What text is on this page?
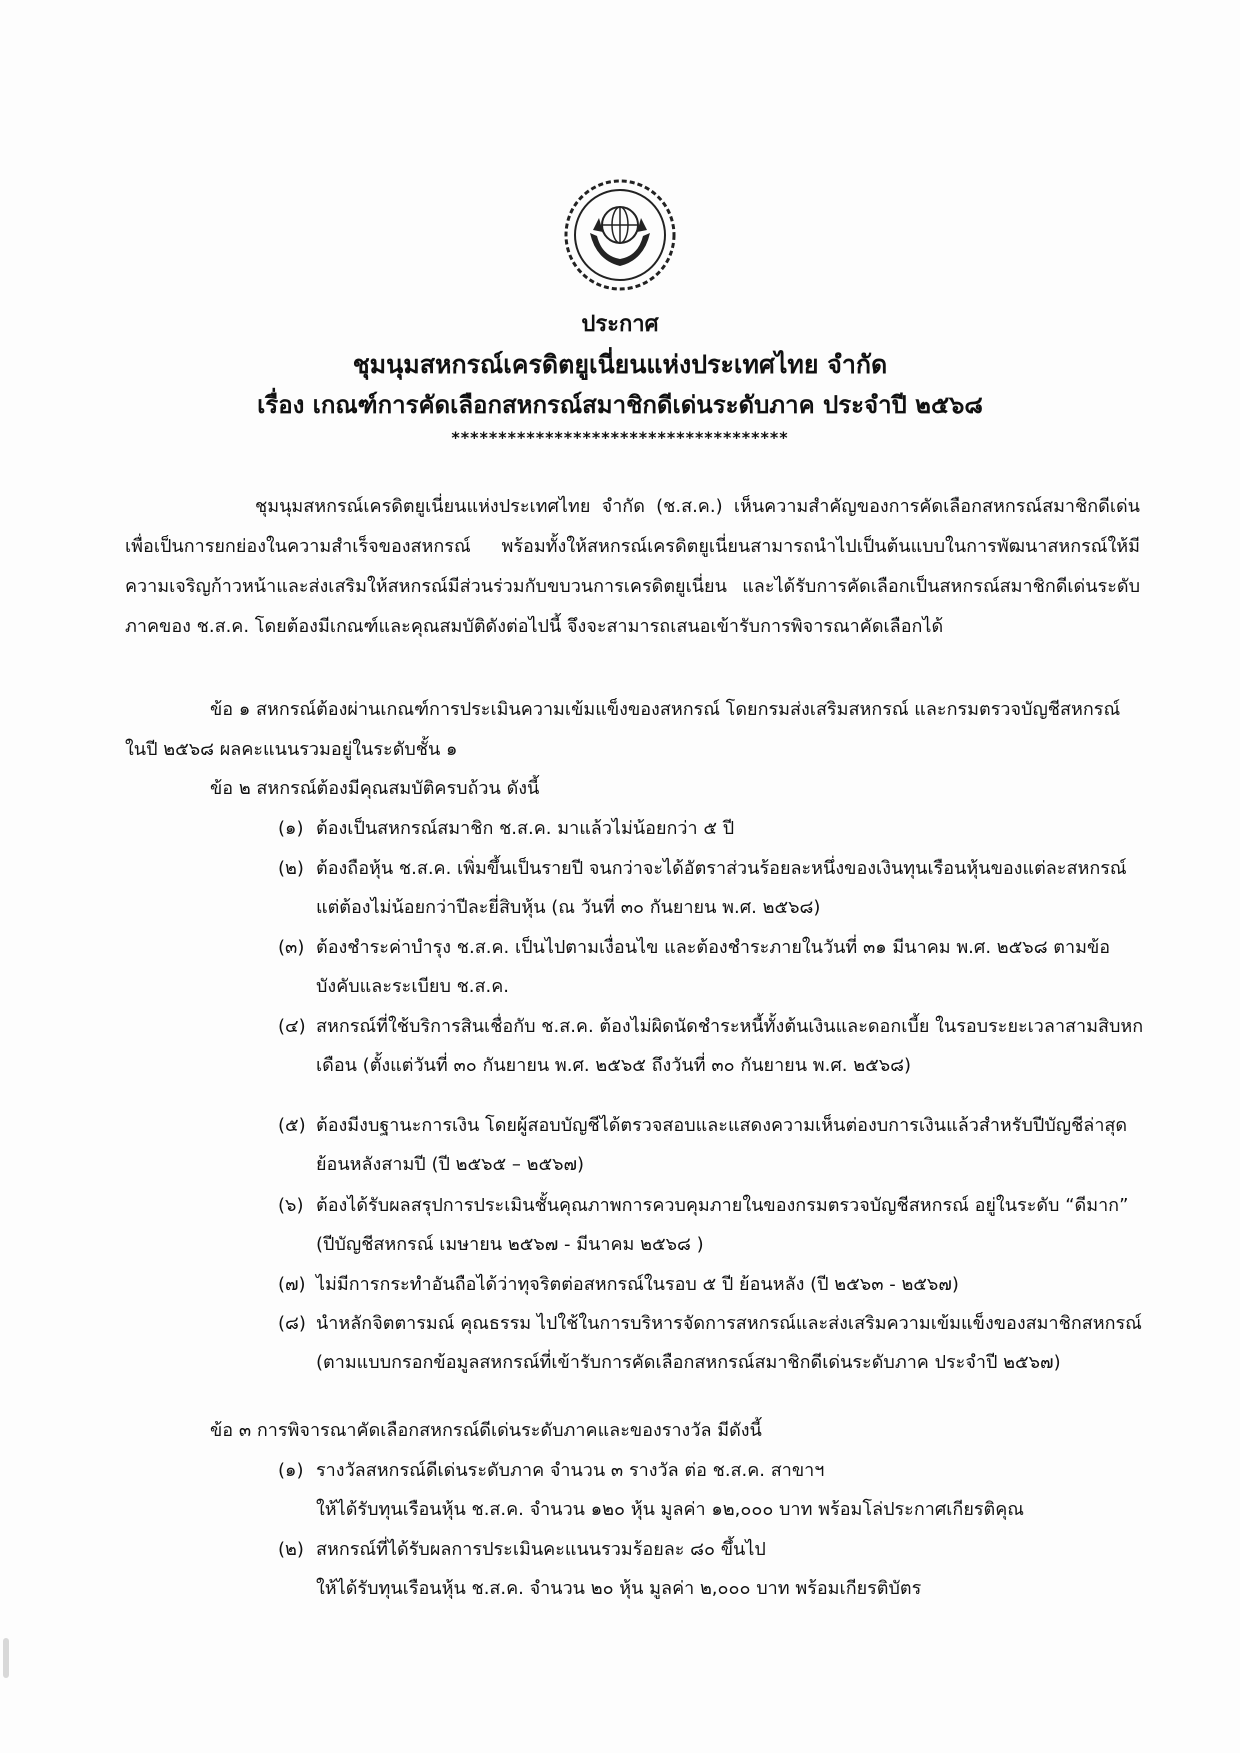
ประกาศ
ชุมนุมสหกรณ์เครดิตยูเนี่ยนแห่งประเทศไทย จำกัด
เรื่อง เกณฑ์การคัดเลือกสหกรณ์สมาชิกดีเด่นระดับภาค ประจำปี ๒๕๖๘
************************************
ชุมนุมสหกรณ์เครดิตยูเนี่ยนแห่งประเทศไทย จำกัด (ช.ส.ค.) เห็นความสำคัญของการคัดเลือกสหกรณ์สมาชิกดีเด่น เพื่อเป็นการยกย่องในความสำเร็จของสหกรณ์ พร้อมทั้งให้สหกรณ์เครดิตยูเนี่ยนสามารถนำไปเป็นต้นแบบในการพัฒนาสหกรณ์ให้มีความเจริญก้าวหน้าและส่งเสริมให้สหกรณ์มีส่วนร่วมกับขบวนการเครดิตยูเนี่ยน และได้รับการคัดเลือกเป็นสหกรณ์สมาชิกดีเด่นระดับภาคของ ช.ส.ค. โดยต้องมีเกณฑ์และคุณสมบัติดังต่อไปนี้ จึงจะสามารถเสนอเข้ารับการพิจารณาคัดเลือกได้
ข้อ ๑ สหกรณ์ต้องผ่านเกณฑ์การประเมินความเข้มแข็งของสหกรณ์ โดยกรมส่งเสริมสหกรณ์ และกรมตรวจบัญชีสหกรณ์ ในปี ๒๕๖๘ ผลคะแนนรวมอยู่ในระดับชั้น ๑
ข้อ ๒ สหกรณ์ต้องมีคุณสมบัติครบถ้วน ดังนี้
(๑) ต้องเป็นสหกรณ์สมาชิก ช.ส.ค. มาแล้วไม่น้อยกว่า ๕ ปี
(๒) ต้องถือหุ้น ช.ส.ค. เพิ่มขึ้นเป็นรายปี จนกว่าจะได้อัตราส่วนร้อยละหนึ่งของเงินทุนเรือนหุ้นของแต่ละสหกรณ์ แต่ต้องไม่น้อยกว่าปีละยี่สิบหุ้น (ณ วันที่ ๓๐ กันยายน พ.ศ. ๒๕๖๘)
(๓) ต้องชำระค่าบำรุง ช.ส.ค. เป็นไปตามเงื่อนไข และต้องชำระภายในวันที่ ๓๑ มีนาคม พ.ศ. ๒๕๖๘ ตามข้อบังคับและระเบียบ ช.ส.ค.
(๔) สหกรณ์ที่ใช้บริการสินเชื่อกับ ช.ส.ค. ต้องไม่ผิดนัดชำระหนี้ทั้งต้นเงินและดอกเบี้ย ในรอบระยะเวลาสามสิบหกเดือน (ตั้งแต่วันที่ ๓๐ กันยายน พ.ศ. ๒๕๖๕ ถึงวันที่ ๓๐ กันยายน พ.ศ. ๒๕๖๘)
(๕) ต้องมีงบฐานะการเงิน โดยผู้สอบบัญชีได้ตรวจสอบและแสดงความเห็นต่องบการเงินแล้วสำหรับปีบัญชีล่าสุดย้อนหลังสามปี (ปี ๒๕๖๕ – ๒๕๖๗)
(๖) ต้องได้รับผลสรุปการประเมินชั้นคุณภาพการควบคุมภายในของกรมตรวจบัญชีสหกรณ์ อยู่ในระดับ “ดีมาก” (ปีบัญชีสหกรณ์ เมษายน ๒๕๖๗ - มีนาคม ๒๕๖๘ )
(๗) ไม่มีการกระทำอันถือได้ว่าทุจริตต่อสหกรณ์ในรอบ ๕ ปี ย้อนหลัง (ปี ๒๕๖๓ - ๒๕๖๗)
(๘) นำหลักจิตตารมณ์ คุณธรรม ไปใช้ในการบริหารจัดการสหกรณ์และส่งเสริมความเข้มแข็งของสมาชิกสหกรณ์ (ตามแบบกรอกข้อมูลสหกรณ์ที่เข้ารับการคัดเลือกสหกรณ์สมาชิกดีเด่นระดับภาค ประจำปี ๒๕๖๗)
ข้อ ๓ การพิจารณาคัดเลือกสหกรณ์ดีเด่นระดับภาคและของรางวัล มีดังนี้
(๑) รางวัลสหกรณ์ดีเด่นระดับภาค จำนวน ๓ รางวัล ต่อ ช.ส.ค. สาขาฯ
ให้ได้รับทุนเรือนหุ้น ช.ส.ค. จำนวน ๑๒๐ หุ้น มูลค่า ๑๒,๐๐๐ บาท พร้อมโล่ประกาศเกียรติคุณ
(๒) สหกรณ์ที่ได้รับผลการประเมินคะแนนรวมร้อยละ ๘๐ ขึ้นไป
ให้ได้รับทุนเรือนหุ้น ช.ส.ค. จำนวน ๒๐ หุ้น มูลค่า ๒,๐๐๐ บาท พร้อมเกียรติบัตร
